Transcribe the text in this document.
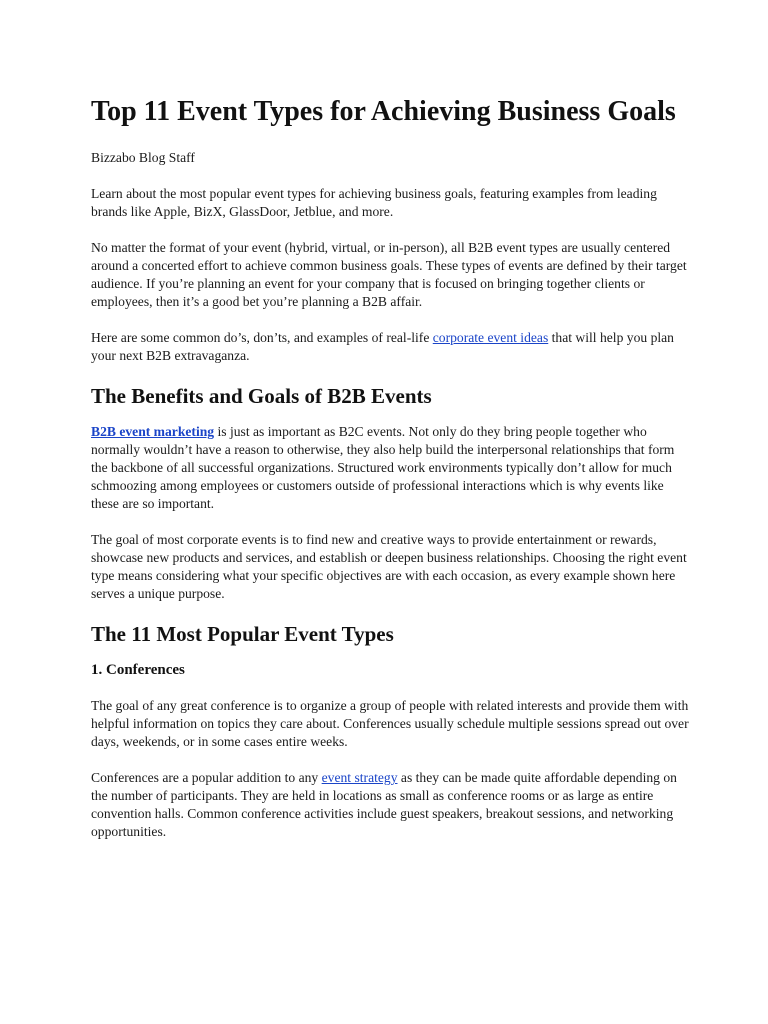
Top 11 Event Types for Achieving Business Goals

Bizzabo Blog Staff

Learn about the most popular event types for achieving business goals, featuring examples from leading brands like Apple, BizX, GlassDoor, Jetblue, and more.

No matter the format of your event (hybrid, virtual, or in-person), all B2B event types are usually centered around a concerted effort to achieve common business goals. These types of events are defined by their target audience. If you’re planning an event for your company that is focused on bringing together clients or employees, then it’s a good bet you’re planning a B2B affair.

Here are some common do’s, don’ts, and examples of real-life corporate event ideas that will help you plan your next B2B extravaganza.

The Benefits and Goals of B2B Events

B2B event marketing is just as important as B2C events. Not only do they bring people together who normally wouldn’t have a reason to otherwise, they also help build the interpersonal relationships that form the backbone of all successful organizations. Structured work environments typically don’t allow for much schmoozing among employees or customers outside of professional interactions which is why events like these are so important.

The goal of most corporate events is to find new and creative ways to provide entertainment or rewards, showcase new products and services, and establish or deepen business relationships. Choosing the right event type means considering what your specific objectives are with each occasion, as every example shown here serves a unique purpose.

The 11 Most Popular Event Types
1. Conferences

The goal of any great conference is to organize a group of people with related interests and provide them with helpful information on topics they care about. Conferences usually schedule multiple sessions spread out over days, weekends, or in some cases entire weeks.

Conferences are a popular addition to any event strategy as they can be made quite affordable depending on the number of participants. They are held in locations as small as conference rooms or as large as entire convention halls. Common conference activities include guest speakers, breakout sessions, and networking opportunities.
